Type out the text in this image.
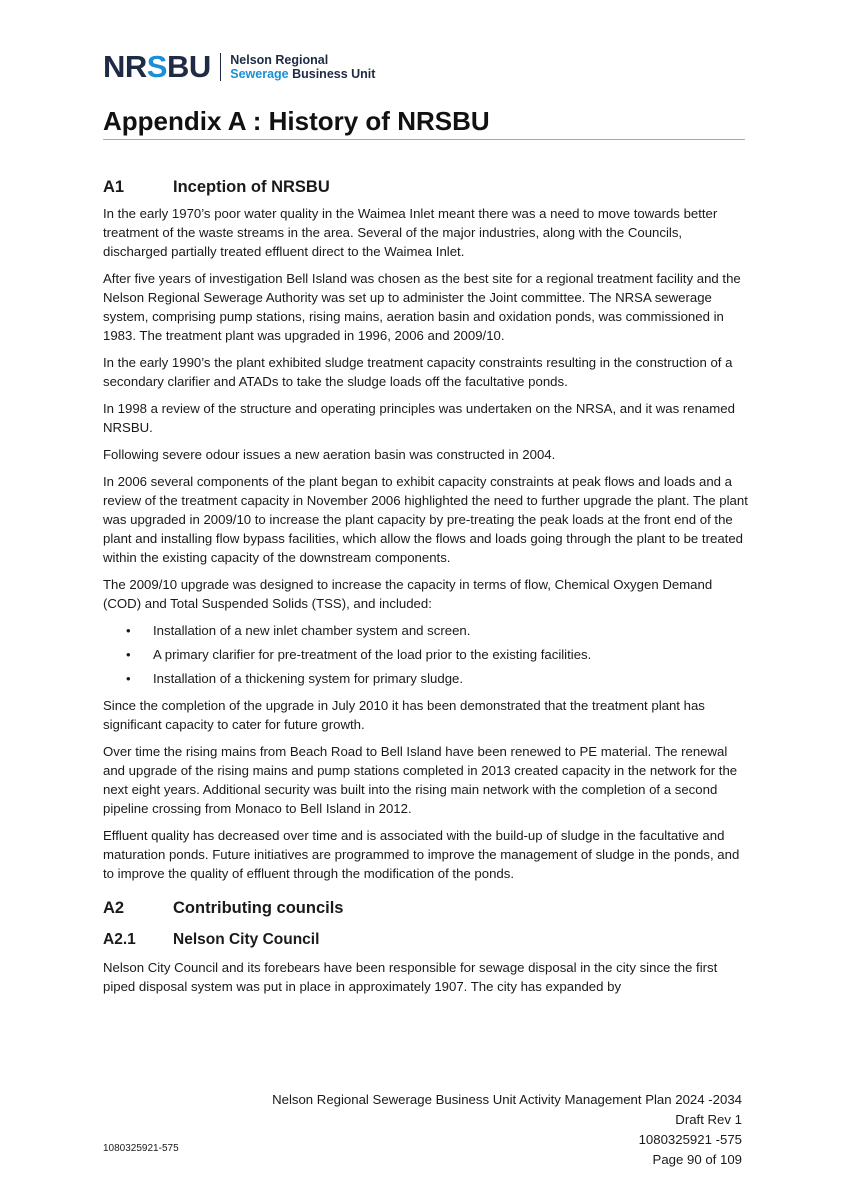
NRSBU Nelson Regional
Sewerage Business Unit
Appendix A : History of NRSBU
A1	Inception of NRSBU

In the early 1970’s poor water quality in the Waimea Inlet meant there was a need to move towards better treatment of the waste streams in the area. Several of the major industries, along with the Councils, discharged partially treated effluent direct to the Waimea Inlet.

After five years of investigation Bell Island was chosen as the best site for a regional treatment facility and the Nelson Regional Sewerage Authority was set up to administer the Joint committee. The NRSA sewerage system, comprising pump stations, rising mains, aeration basin and oxidation ponds, was commissioned in 1983. The treatment plant was upgraded in 1996, 2006 and 2009/10.

In the early 1990’s the plant exhibited sludge treatment capacity constraints resulting in the construction of a secondary clarifier and ATADs to take the sludge loads off the facultative ponds.

In 1998 a review of the structure and operating principles was undertaken on the NRSA, and it was renamed NRSBU.

Following severe odour issues a new aeration basin was constructed in 2004.

In 2006 several components of the plant began to exhibit capacity constraints at peak flows and loads and a review of the treatment capacity in November 2006 highlighted the need to further upgrade the plant. The plant was upgraded in 2009/10 to increase the plant capacity by pre-treating the peak loads at the front end of the plant and installing flow bypass facilities, which allow the flows and loads going through the plant to be treated within the existing capacity of the downstream components.

The 2009/10 upgrade was designed to increase the capacity in terms of flow, Chemical Oxygen Demand (COD) and Total Suspended Solids (TSS), and included:

• Installation of a new inlet chamber system and screen.
• A primary clarifier for pre-treatment of the load prior to the existing facilities.
• Installation of a thickening system for primary sludge.

Since the completion of the upgrade in July 2010 it has been demonstrated that the treatment plant has significant capacity to cater for future growth.

Over time the rising mains from Beach Road to Bell Island have been renewed to PE material. The renewal and upgrade of the rising mains and pump stations completed in 2013 created capacity in the network for the next eight years. Additional security was built into the rising main network with the completion of a second pipeline crossing from Monaco to Bell Island in 2012.

Effluent quality has decreased over time and is associated with the build-up of sludge in the facultative and maturation ponds. Future initiatives are programmed to improve the management of sludge in the ponds, and to improve the quality of effluent through the modification of the ponds.

A2	Contributing councils
A2.1	Nelson City Council

Nelson City Council and its forebears have been responsible for sewage disposal in the city since the first piped disposal system was put in place in approximately 1907. The city has expanded by

Nelson Regional Sewerage Business Unit Activity Management Plan 2024 -2034
Draft Rev 1
1080325921 -575
Page 90 of 109
1080325921-575
